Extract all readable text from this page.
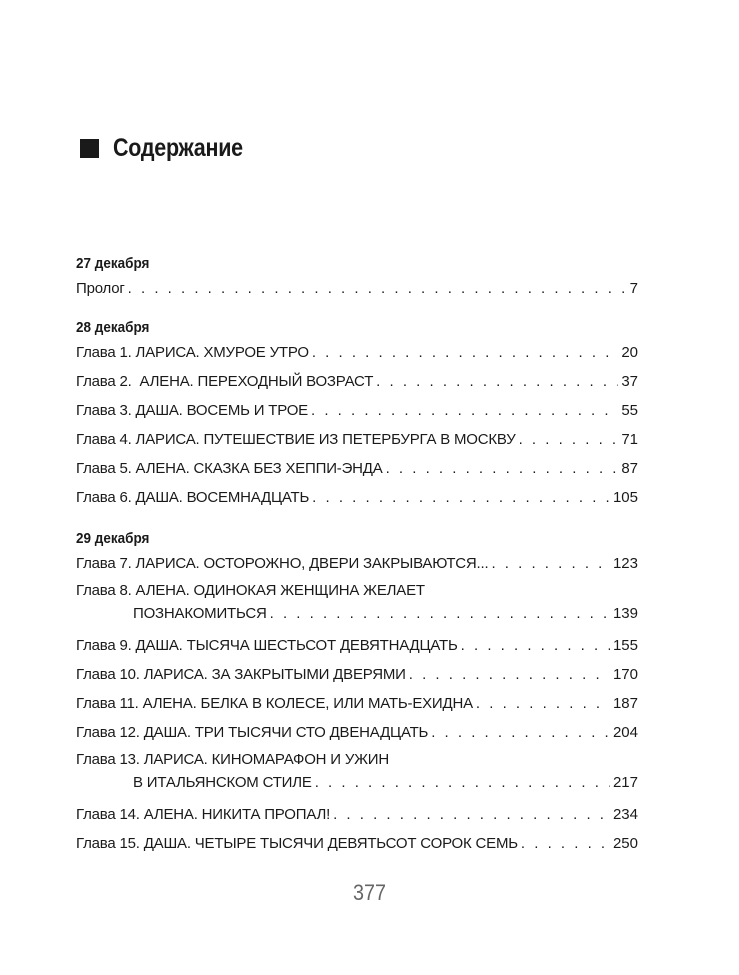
Содержание
27 декабря
Пролог . . .	7
28 декабря
Глава 1. ЛАРИСА. ХМУРОЕ УТРО . . .	20
Глава 2.  АЛЕНА. ПЕРЕХОДНЫЙ ВОЗРАСТ . . .	37
Глава 3. ДАША. ВОСЕМЬ И ТРОЕ . . .	55
Глава 4. ЛАРИСА. ПУТЕШЕСТВИЕ ИЗ ПЕТЕРБУРГА В МОСКВУ . . .	71
Глава 5. АЛЕНА. СКАЗКА БЕЗ ХЕППИ-ЭНДА . . .	87
Глава 6. ДАША. ВОСЕМНАДЦАТЬ . . .	105
29 декабря
Глава 7. ЛАРИСА. ОСТОРОЖНО, ДВЕРИ ЗАКРЫВАЮТСЯ... . . .	123
Глава 8. АЛЕНА. ОДИНОКАЯ ЖЕНЩИНА ЖЕЛАЕТ
ПОЗНАКОМИТЬСЯ . . .	139
Глава 9. ДАША. ТЫСЯЧА ШЕСТЬСОТ ДЕВЯТНАДЦАТЬ . . .	155
Глава 10. ЛАРИСА. ЗА ЗАКРЫТЫМИ ДВЕРЯМИ . . .	170
Глава 11. АЛЕНА. БЕЛКА В КОЛЕСЕ, ИЛИ МАТЬ-ЕХИДНА . . .	187
Глава 12. ДАША. ТРИ ТЫСЯЧИ СТО ДВЕНАДЦАТЬ . . .	204
Глава 13. ЛАРИСА. КИНОМАРАФОН И УЖИН
В ИТАЛЬЯНСКОМ СТИЛЕ . . .	217
Глава 14. АЛЕНА. НИКИТА ПРОПАЛ! . . .	234
Глава 15. ДАША. ЧЕТЫРЕ ТЫСЯЧИ ДЕВЯТЬСОТ СОРОК СЕМЬ . . .	250
377
